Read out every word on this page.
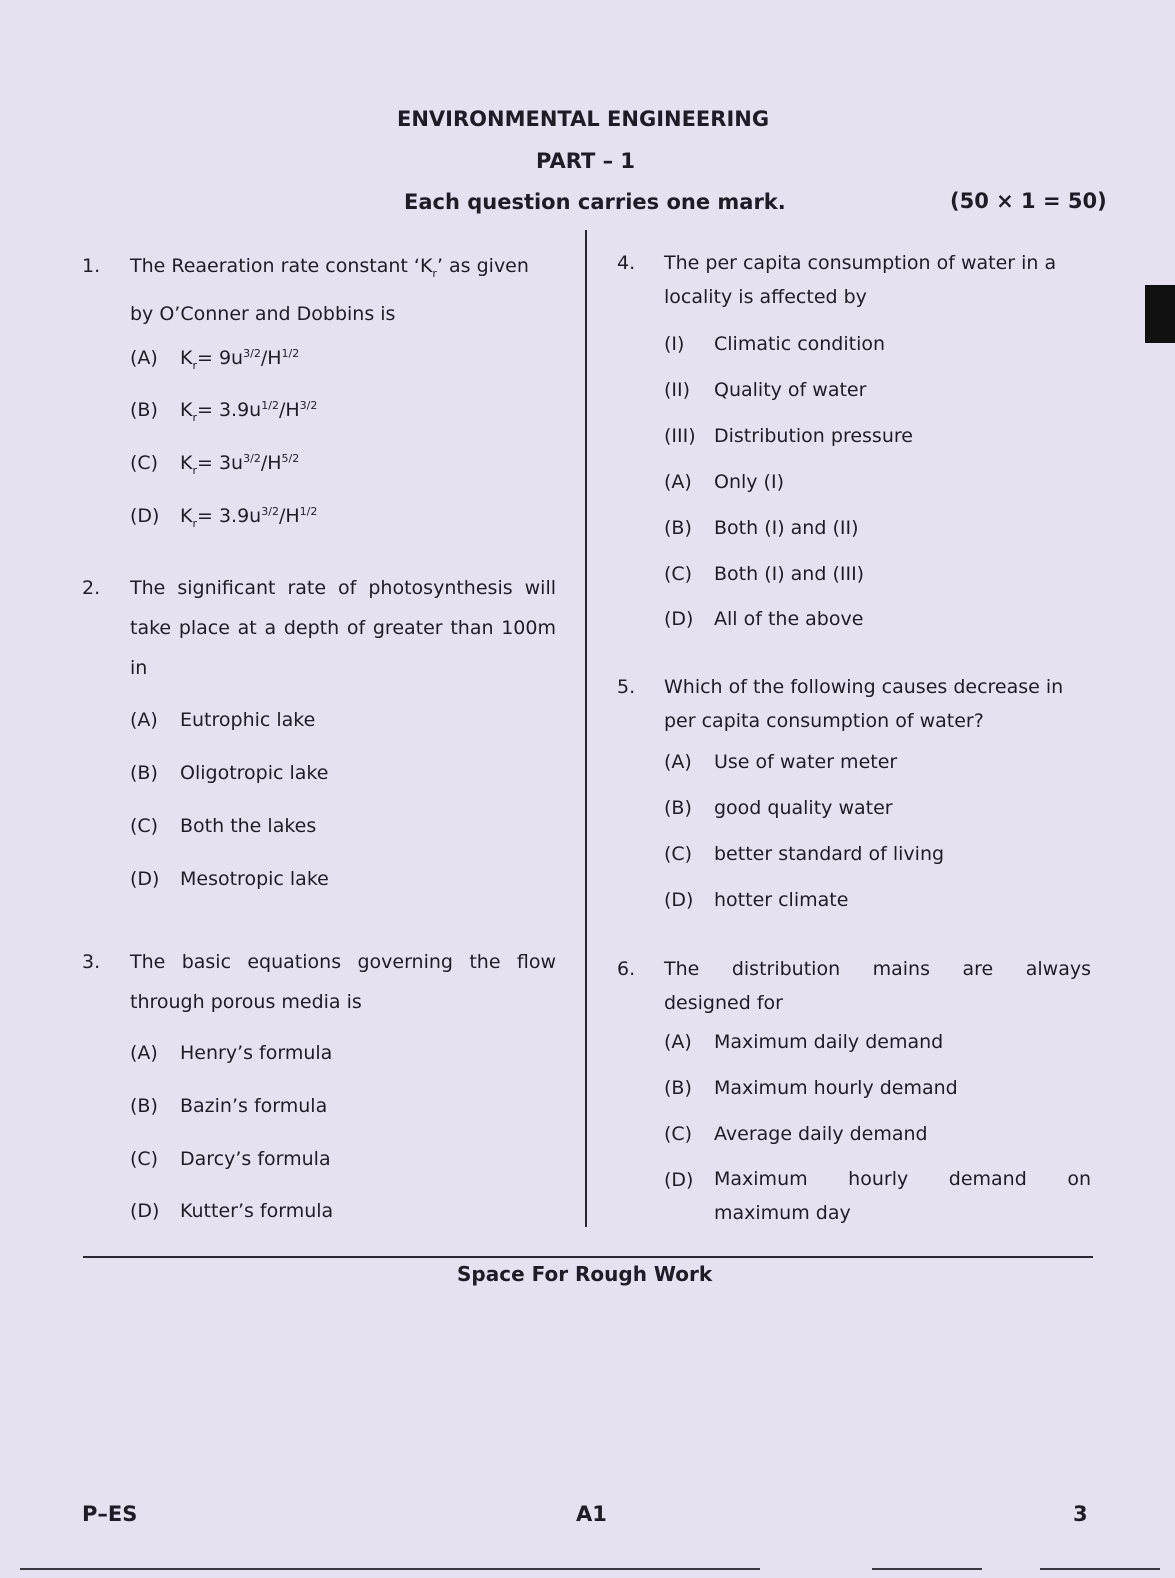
ENVIRONMENTAL ENGINEERING
PART – 1
Each question carries one mark.	(50 × 1 = 50)
1. The Reaeration rate constant ‘$K_r$’ as given
by O’Conner and Dobbins is
(A) $K_r= 9u^{3/2}/H^{1/2}$
(B) $K_r= 3.9u^{1/2}/H^{3/2}$
(C) $K_r= 3u^{3/2}/H^{5/2}$
(D) $K_r= 3.9u^{3/2}/H^{1/2}$
2. The significant rate of photosynthesis will take place at a depth of greater than 100m in
(A) Eutrophic lake
(B) Oligotropic lake
(C) Both the lakes
(D) Mesotropic lake
3. The basic equations governing the flow through porous media is
(A) Henry’s formula
(B) Bazin’s formula
(C) Darcy’s formula
(D) Kutter’s formula
4. The per capita consumption of water in a locality is affected by
(I) Climatic condition
(II) Quality of water
(III) Distribution pressure
(A) Only (I)
(B) Both (I) and (II)
(C) Both (I) and (III)
(D) All of the above
5. Which of the following causes decrease in per capita consumption of water?
(A) Use of water meter
(B) good quality water
(C) better standard of living
(D) hotter climate
6. The distribution mains are always
designed for
(A) Maximum daily demand
(B) Maximum hourly demand
(C) Average daily demand
(D)	Maximum hourly demand on
maximum day
Space For Rough Work
P–ES	A1	3
